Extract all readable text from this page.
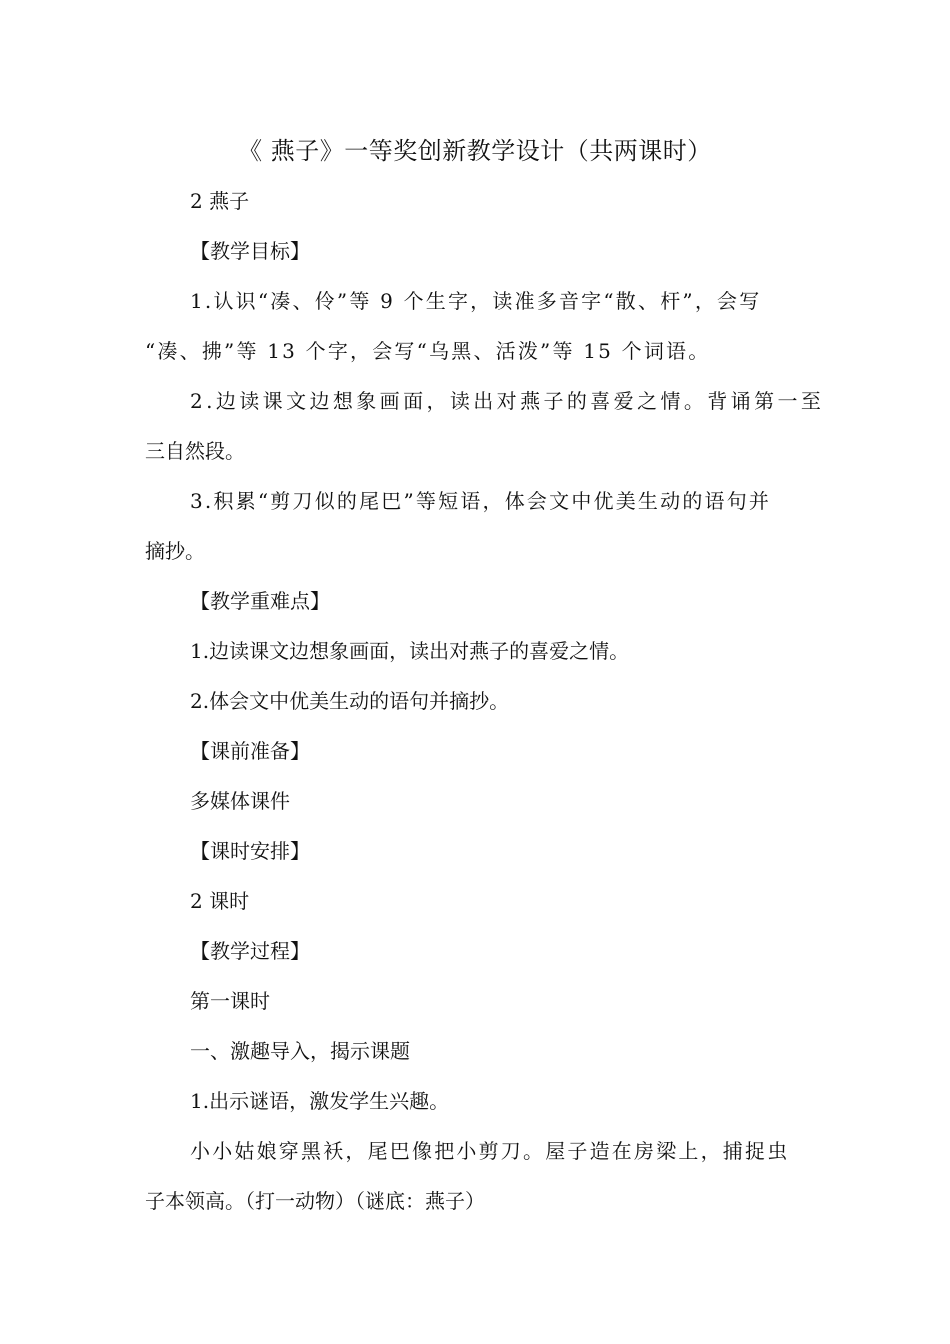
《 燕子》一等奖创新教学设计（共两课时）
2 燕子
【教学目标】
1.认识“凑、伶”等 9 个生字，读准多音字“散、杆”，会写
“凑、拂”等 13 个字，会写“乌黑、活泼”等 15 个词语。
2.边读课文边想象画面，读出对燕子的喜爱之情。背诵第一至
三自然段。
3.积累“剪刀似的尾巴”等短语，体会文中优美生动的语句并
摘抄。
【教学重难点】
1.边读课文边想象画面，读出对燕子的喜爱之情。
2.体会文中优美生动的语句并摘抄。
【课前准备】
多媒体课件
【课时安排】
2 课时
【教学过程】
第一课时
一、激趣导入，揭示课题
1.出示谜语，激发学生兴趣。
小小姑娘穿黑袄，尾巴像把小剪刀。屋子造在房梁上，捕捉虫
子本领高。（打一动物）（谜底：燕子）
